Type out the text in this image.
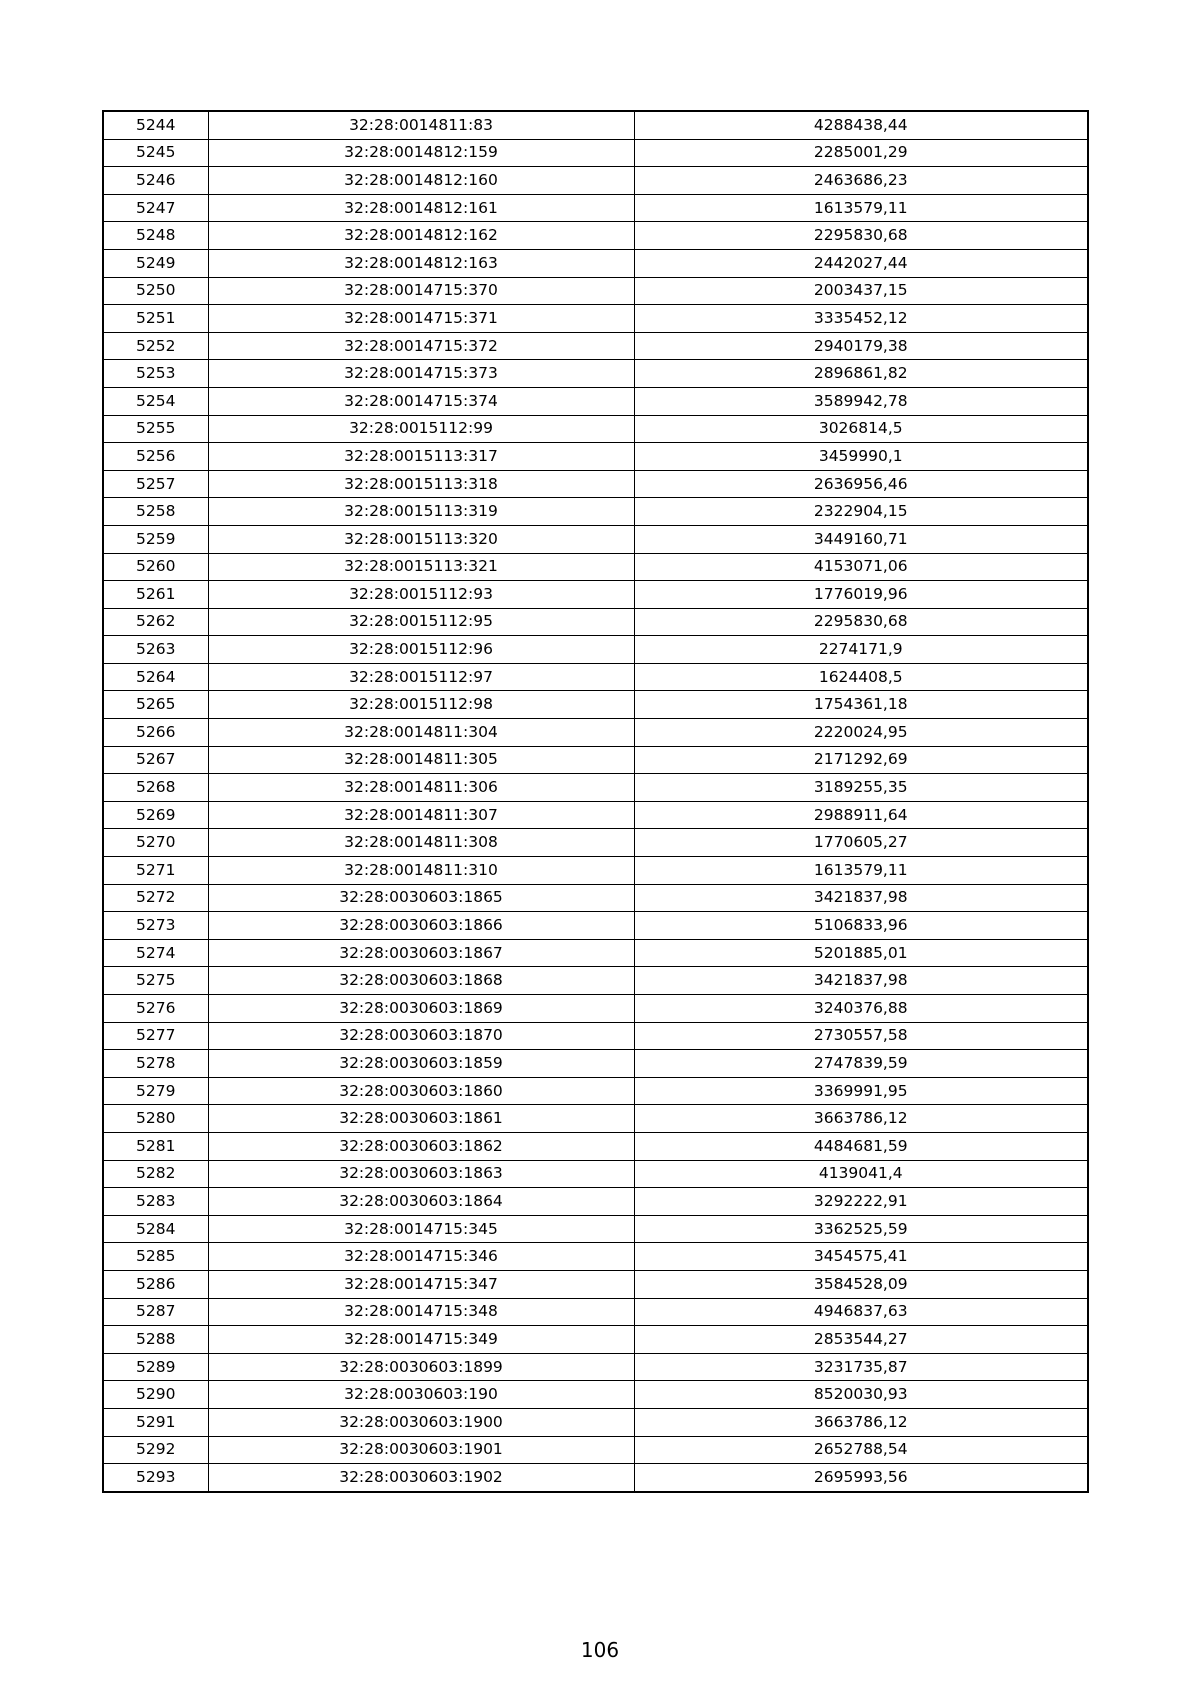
5244	32:28:0014811:83	4288438,44
5245	32:28:0014812:159	2285001,29
5246	32:28:0014812:160	2463686,23
5247	32:28:0014812:161	1613579,11
5248	32:28:0014812:162	2295830,68
5249	32:28:0014812:163	2442027,44
5250	32:28:0014715:370	2003437,15
5251	32:28:0014715:371	3335452,12
5252	32:28:0014715:372	2940179,38
5253	32:28:0014715:373	2896861,82
5254	32:28:0014715:374	3589942,78
5255	32:28:0015112:99	3026814,5
5256	32:28:0015113:317	3459990,1
5257	32:28:0015113:318	2636956,46
5258	32:28:0015113:319	2322904,15
5259	32:28:0015113:320	3449160,71
5260	32:28:0015113:321	4153071,06
5261	32:28:0015112:93	1776019,96
5262	32:28:0015112:95	2295830,68
5263	32:28:0015112:96	2274171,9
5264	32:28:0015112:97	1624408,5
5265	32:28:0015112:98	1754361,18
5266	32:28:0014811:304	2220024,95
5267	32:28:0014811:305	2171292,69
5268	32:28:0014811:306	3189255,35
5269	32:28:0014811:307	2988911,64
5270	32:28:0014811:308	1770605,27
5271	32:28:0014811:310	1613579,11
5272	32:28:0030603:1865	3421837,98
5273	32:28:0030603:1866	5106833,96
5274	32:28:0030603:1867	5201885,01
5275	32:28:0030603:1868	3421837,98
5276	32:28:0030603:1869	3240376,88
5277	32:28:0030603:1870	2730557,58
5278	32:28:0030603:1859	2747839,59
5279	32:28:0030603:1860	3369991,95
5280	32:28:0030603:1861	3663786,12
5281	32:28:0030603:1862	4484681,59
5282	32:28:0030603:1863	4139041,4
5283	32:28:0030603:1864	3292222,91
5284	32:28:0014715:345	3362525,59
5285	32:28:0014715:346	3454575,41
5286	32:28:0014715:347	3584528,09
5287	32:28:0014715:348	4946837,63
5288	32:28:0014715:349	2853544,27
5289	32:28:0030603:1899	3231735,87
5290	32:28:0030603:190	8520030,93
5291	32:28:0030603:1900	3663786,12
5292	32:28:0030603:1901	2652788,54
5293	32:28:0030603:1902	2695993,56
106
